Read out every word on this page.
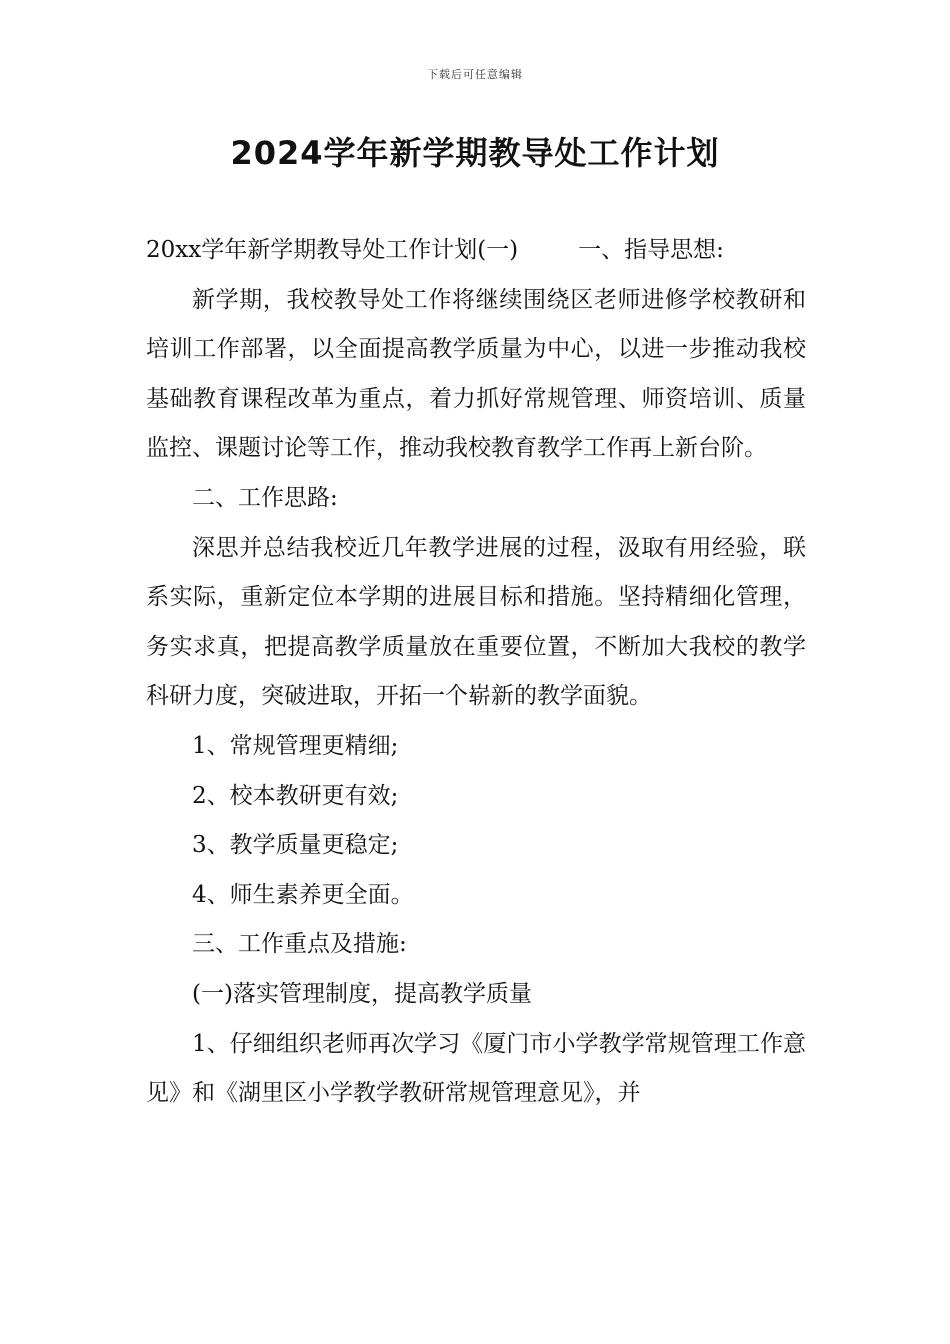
下载后可任意编辑
2024学年新学期教导处工作计划

20xx学年新学期教导处工作计划(一)	一、指导思想:

新学期，我校教导处工作将继续围绕区老师进修学校教研和培训工作部署，以全面提高教学质量为中心，以进一步推动我校基础教育课程改革为重点，着力抓好常规管理、师资培训、质量监控、课题讨论等工作，推动我校教育教学工作再上新台阶。

二、工作思路:

深思并总结我校近几年教学进展的过程，汲取有用经验，联系实际，重新定位本学期的进展目标和措施。坚持精细化管理，务实求真，把提高教学质量放在重要位置，不断加大我校的教学科研力度，突破进取，开拓一个崭新的教学面貌。

1、常规管理更精细;

2、校本教研更有效;

3、教学质量更稳定;

4、师生素养更全面。

三、工作重点及措施:

(一)落实管理制度，提高教学质量

1、仔细组织老师再次学习《厦门市小学教学常规管理工作意见》和《湖里区小学教学教研常规管理意见》，并
